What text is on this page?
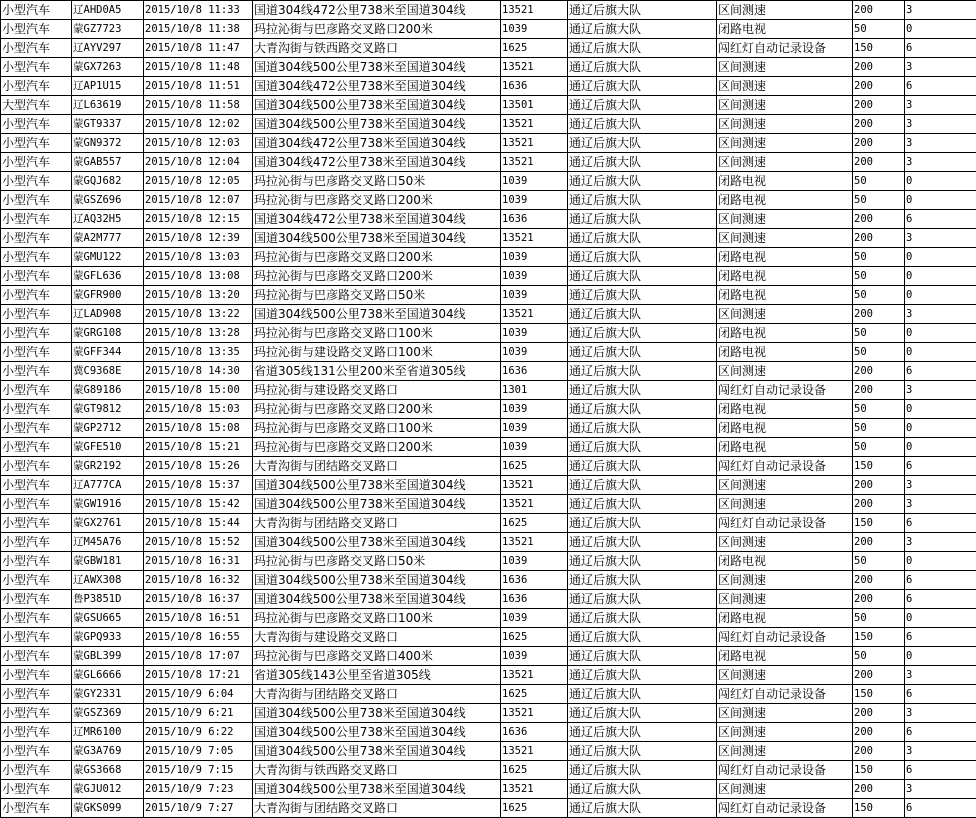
小型汽车	辽AHD0A5	2015/10/8 11:33	国道304线472公里738米至国道304线	13521	通辽后旗大队	区间测速	200	3
小型汽车	蒙GZ7723	2015/10/8 11:38	玛拉沁街与巴彦路交叉路口200米	1039	通辽后旗大队	闭路电视	50	0
小型汽车	辽AYV297	2015/10/8 11:47	大青沟街与铁西路交叉路口	1625	通辽后旗大队	闯红灯自动记录设备	150	6
小型汽车	蒙GX7263	2015/10/8 11:48	国道304线500公里738米至国道304线	13521	通辽后旗大队	区间测速	200	3
小型汽车	辽AP1U15	2015/10/8 11:51	国道304线472公里738米至国道304线	1636	通辽后旗大队	区间测速	200	6
大型汽车	辽L63619	2015/10/8 11:58	国道304线500公里738米至国道304线	13501	通辽后旗大队	区间测速	200	3
小型汽车	蒙GT9337	2015/10/8 12:02	国道304线500公里738米至国道304线	13521	通辽后旗大队	区间测速	200	3
小型汽车	蒙GN9372	2015/10/8 12:03	国道304线472公里738米至国道304线	13521	通辽后旗大队	区间测速	200	3
小型汽车	蒙GAB557	2015/10/8 12:04	国道304线472公里738米至国道304线	13521	通辽后旗大队	区间测速	200	3
小型汽车	蒙GQJ682	2015/10/8 12:05	玛拉沁街与巴彦路交叉路口50米	1039	通辽后旗大队	闭路电视	50	0
小型汽车	蒙GSZ696	2015/10/8 12:07	玛拉沁街与巴彦路交叉路口200米	1039	通辽后旗大队	闭路电视	50	0
小型汽车	辽AQ32H5	2015/10/8 12:15	国道304线472公里738米至国道304线	1636	通辽后旗大队	区间测速	200	6
小型汽车	蒙A2M777	2015/10/8 12:39	国道304线500公里738米至国道304线	13521	通辽后旗大队	区间测速	200	3
小型汽车	蒙GMU122	2015/10/8 13:03	玛拉沁街与巴彦路交叉路口200米	1039	通辽后旗大队	闭路电视	50	0
小型汽车	蒙GFL636	2015/10/8 13:08	玛拉沁街与巴彦路交叉路口200米	1039	通辽后旗大队	闭路电视	50	0
小型汽车	蒙GFR900	2015/10/8 13:20	玛拉沁街与巴彦路交叉路口50米	1039	通辽后旗大队	闭路电视	50	0
小型汽车	辽LAD908	2015/10/8 13:22	国道304线500公里738米至国道304线	13521	通辽后旗大队	区间测速	200	3
小型汽车	蒙GRG108	2015/10/8 13:28	玛拉沁街与巴彦路交叉路口100米	1039	通辽后旗大队	闭路电视	50	0
小型汽车	蒙GFF344	2015/10/8 13:35	玛拉沁街与建设路交叉路口100米	1039	通辽后旗大队	闭路电视	50	0
小型汽车	冀C9368E	2015/10/8 14:30	省道305线131公里200米至省道305线	1636	通辽后旗大队	区间测速	200	6
小型汽车	蒙G89186	2015/10/8 15:00	玛拉沁街与建设路交叉路口	1301	通辽后旗大队	闯红灯自动记录设备	200	3
小型汽车	蒙GT9812	2015/10/8 15:03	玛拉沁街与巴彦路交叉路口200米	1039	通辽后旗大队	闭路电视	50	0
小型汽车	蒙GP2712	2015/10/8 15:08	玛拉沁街与巴彦路交叉路口100米	1039	通辽后旗大队	闭路电视	50	0
小型汽车	蒙GFE510	2015/10/8 15:21	玛拉沁街与巴彦路交叉路口200米	1039	通辽后旗大队	闭路电视	50	0
小型汽车	蒙GR2192	2015/10/8 15:26	大青沟街与团结路交叉路口	1625	通辽后旗大队	闯红灯自动记录设备	150	6
小型汽车	辽A777CA	2015/10/8 15:37	国道304线500公里738米至国道304线	13521	通辽后旗大队	区间测速	200	3
小型汽车	蒙GW1916	2015/10/8 15:42	国道304线500公里738米至国道304线	13521	通辽后旗大队	区间测速	200	3
小型汽车	蒙GX2761	2015/10/8 15:44	大青沟街与团结路交叉路口	1625	通辽后旗大队	闯红灯自动记录设备	150	6
小型汽车	辽M45A76	2015/10/8 15:52	国道304线500公里738米至国道304线	13521	通辽后旗大队	区间测速	200	3
小型汽车	蒙GBW181	2015/10/8 16:31	玛拉沁街与巴彦路交叉路口50米	1039	通辽后旗大队	闭路电视	50	0
小型汽车	辽AWX308	2015/10/8 16:32	国道304线500公里738米至国道304线	1636	通辽后旗大队	区间测速	200	6
小型汽车	鲁P3851D	2015/10/8 16:37	国道304线500公里738米至国道304线	1636	通辽后旗大队	区间测速	200	6
小型汽车	蒙GSU665	2015/10/8 16:51	玛拉沁街与巴彦路交叉路口100米	1039	通辽后旗大队	闭路电视	50	0
小型汽车	蒙GPQ933	2015/10/8 16:55	大青沟街与建设路交叉路口	1625	通辽后旗大队	闯红灯自动记录设备	150	6
小型汽车	蒙GBL399	2015/10/8 17:07	玛拉沁街与巴彦路交叉路口400米	1039	通辽后旗大队	闭路电视	50	0
小型汽车	蒙GL6666	2015/10/8 17:21	省道305线143公里至省道305线	13521	通辽后旗大队	区间测速	200	3
小型汽车	蒙GY2331	2015/10/9 6:04	大青沟街与团结路交叉路口	1625	通辽后旗大队	闯红灯自动记录设备	150	6
小型汽车	蒙GSZ369	2015/10/9 6:21	国道304线500公里738米至国道304线	13521	通辽后旗大队	区间测速	200	3
小型汽车	辽MR6100	2015/10/9 6:22	国道304线500公里738米至国道304线	1636	通辽后旗大队	区间测速	200	6
小型汽车	蒙G3A769	2015/10/9 7:05	国道304线500公里738米至国道304线	13521	通辽后旗大队	区间测速	200	3
小型汽车	蒙GS3668	2015/10/9 7:15	大青沟街与铁西路交叉路口	1625	通辽后旗大队	闯红灯自动记录设备	150	6
小型汽车	蒙GJU012	2015/10/9 7:23	国道304线500公里738米至国道304线	13521	通辽后旗大队	区间测速	200	3
小型汽车	蒙GKS099	2015/10/9 7:27	大青沟街与团结路交叉路口	1625	通辽后旗大队	闯红灯自动记录设备	150	6
